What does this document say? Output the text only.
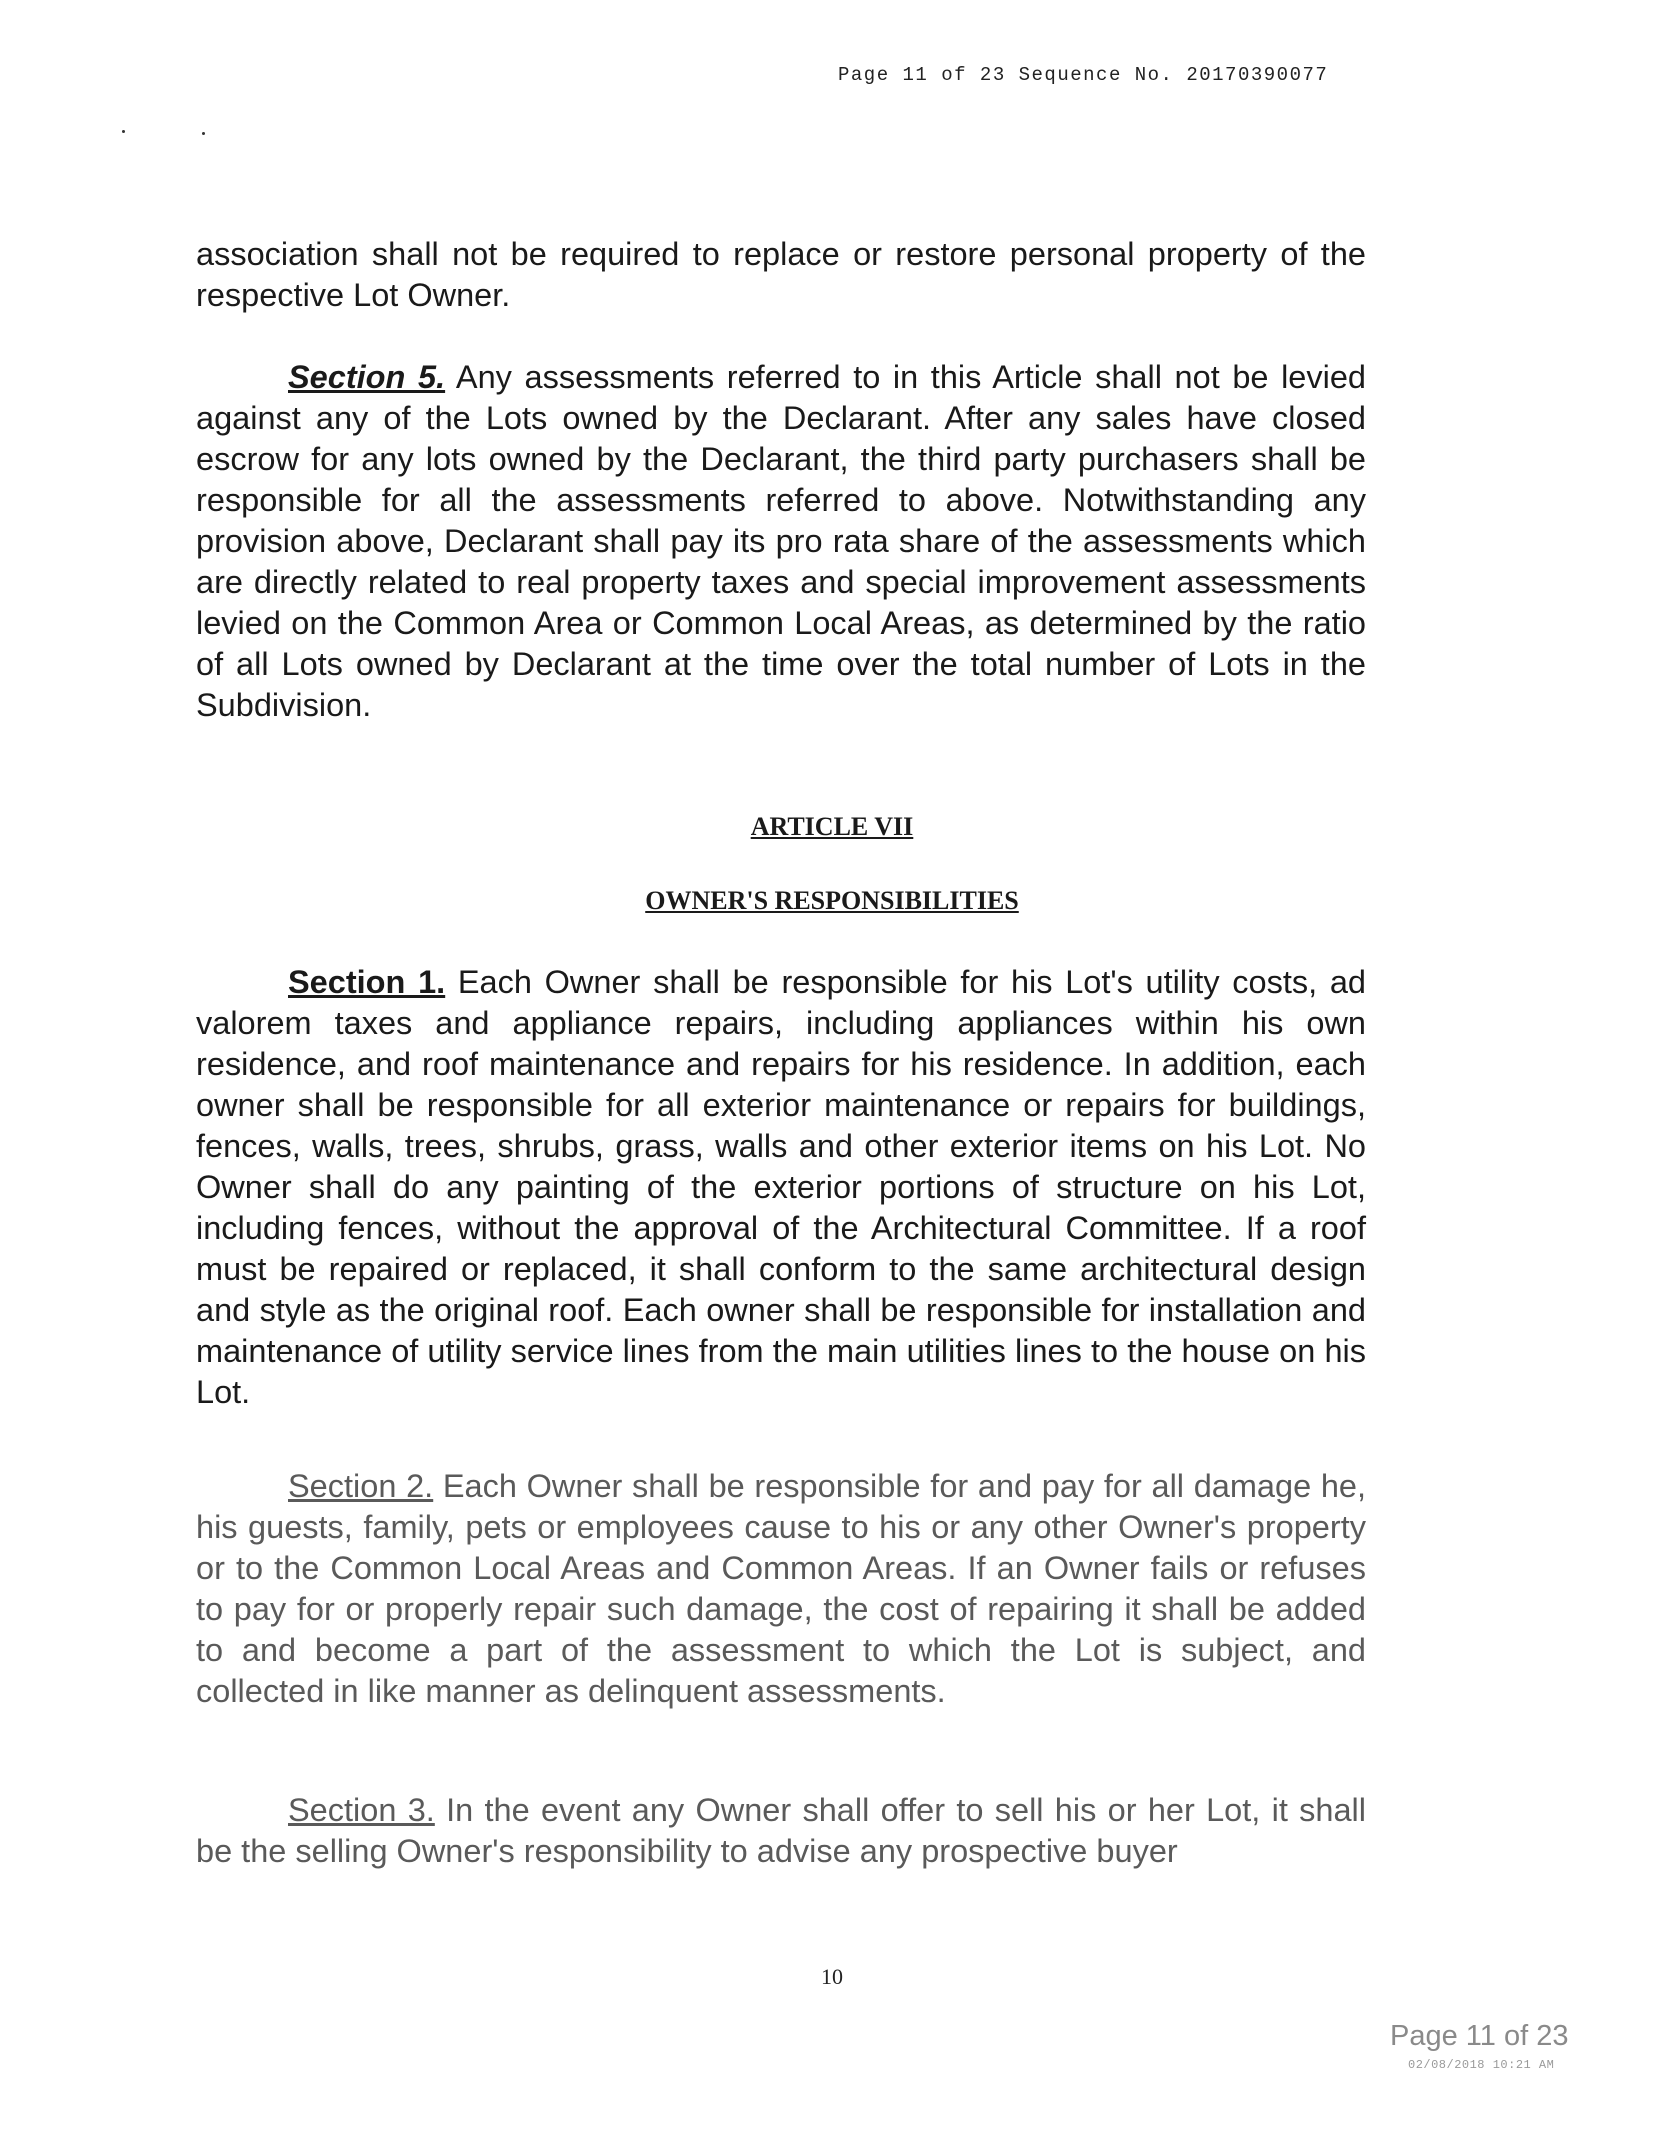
Page 11 of 23 Sequence No. 20170390077
association shall not be required to replace or restore personal property of the respective Lot Owner.
Section 5. Any assessments referred to in this Article shall not be levied against any of the Lots owned by the Declarant. After any sales have closed escrow for any lots owned by the Declarant, the third party purchasers shall be responsible for all the assessments referred to above. Notwithstanding any provision above, Declarant shall pay its pro rata share of the assessments which are directly related to real property taxes and special improvement assessments levied on the Common Area or Common Local Areas, as determined by the ratio of all Lots owned by Declarant at the time over the total number of Lots in the Subdivision.
ARTICLE VII
OWNER'S RESPONSIBILITIES
Section 1. Each Owner shall be responsible for his Lot's utility costs, ad valorem taxes and appliance repairs, including appliances within his own residence, and roof maintenance and repairs for his residence. In addition, each owner shall be responsible for all exterior maintenance or repairs for buildings, fences, walls, trees, shrubs, grass, walls and other exterior items on his Lot. No Owner shall do any painting of the exterior portions of structure on his Lot, including fences, without the approval of the Architectural Committee. If a roof must be repaired or replaced, it shall conform to the same architectural design and style as the original roof. Each owner shall be responsible for installation and maintenance of utility service lines from the main utilities lines to the house on his Lot.
Section 2. Each Owner shall be responsible for and pay for all damage he, his guests, family, pets or employees cause to his or any other Owner's property or to the Common Local Areas and Common Areas. If an Owner fails or refuses to pay for or properly repair such damage, the cost of repairing it shall be added to and become a part of the assessment to which the Lot is subject, and collected in like manner as delinquent assessments.
Section 3. In the event any Owner shall offer to sell his or her Lot, it shall be the selling Owner's responsibility to advise any prospective buyer
10
Page 11 of 23
02/08/2018 10:21 AM
